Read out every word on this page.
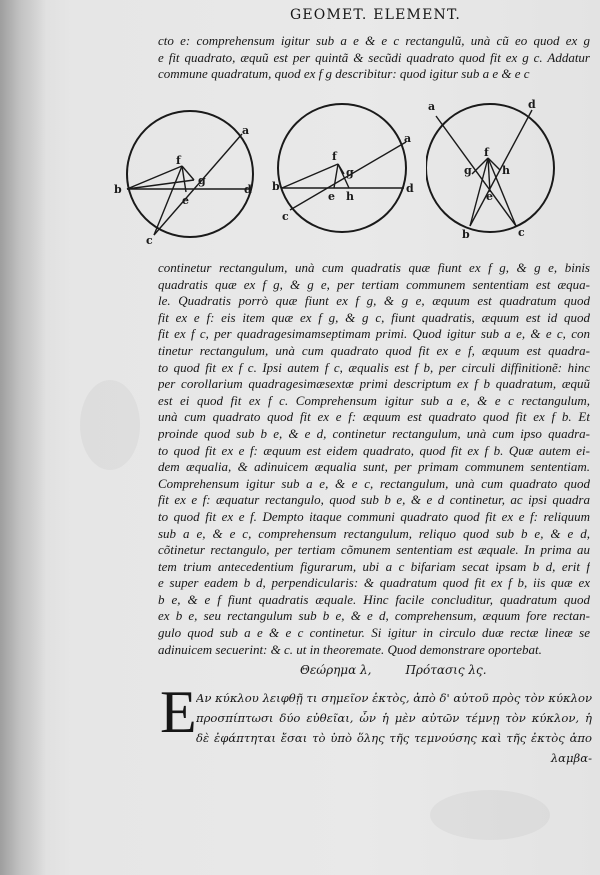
GEOMET. ELEMENT.
cto e: comprehensum igitur sub a e & e c rectangulũ, unà cũ eo quod ex g
e fit quadrato, æquũ est per quintã & secũdi quadrato quod fit ex g c. Addatur
commune quadratum, quod ex f g describitur: quod igitur sub a e & e c
a
f
g
b
e
d
c
a
f
g
b
c
e h
d
a	d
f
g	h
e
b	c
continetur rectangulum, unà cum quadratis quæ fiunt ex f g, & g e, binis
quadratis quæ ex f g, & g e, per tertiam communem sententiam est æqua-
le. Quadratis porrò quæ fiunt ex f g, & g e, æquum est quadratum quod
fit ex e f: eis item quæ ex f g, & g c, fiunt quadratis, æquum est id quod
fit ex f c, per quadragesimamseptimam primi. Quod igitur sub a e, & e c, con
tinetur rectangulum, unà cum quadrato quod fit ex e f, æquum est quadra-
to quod fit ex f c. Ipsi autem f c, æqualis est f b, per circuli diffinitionẽ: hinc
per corollarium quadragesimæsextæ primi descriptum ex f b quadratum, æquũ
est ei quod fit ex f c. Comprehensum igitur sub a e, & e c rectangulum,
unà cum quadrato quod fit ex e f: æquum est quadrato quod fit ex f b. Et
proinde quod sub b e, & e d, continetur rectangulum, unà cum ipso quadra-
to quod fit ex e f: æquum est eidem quadrato, quod fit ex f b. Quæ autem ei-
dem æqualia, & adinuicem æqualia sunt, per primam communem sententiam.
Comprehensum igitur sub a e, & e c, rectangulum, unà cum quadrato quod
fit ex e f: æquatur rectangulo, quod sub b e, & e d continetur, ac ipsi quadra
to quod fit ex e f. Dempto itaque communi quadrato quod fit ex e f: reliquum
sub a e, & e c, comprehensum rectangulum, reliquo quod sub b e, & e d,
cõtinetur rectangulo, per tertiam cõmunem sententiam est æquale. In prima au
tem trium antecedentium figurarum, ubi a c bifariam secat ipsam b d, erit f
e super eadem b d, perpendicularis: & quadratum quod fit ex f b, iis quæ ex
b e, & e f fiunt quadratis æquale. Hinc facile concluditur, quadratum quod
ex b e, seu rectangulum sub b e, & e d, comprehensum, æquum fore rectan-
gulo quod sub a e & e c continetur. Si igitur in circulo duæ rectæ lineæ se
adinuicem secuerint: & c. ut in theoremate. Quod demonstrare oportebat.
Θεώρημα λ,	Πρότασις λς.
E Αν κύκλου λειφθῇ τι σημεῖον ἐκτὸς, ἀπὸ δ' αὐτοῦ πρὸς τὸν κύκλον
προσπίπτωσι δύο εὐθεῖαι, ὧν ἡ μὲν αὐτῶν τέμνῃ τὸν κύκλον, ἡ
δὲ ἐφάπτηται ἔσαι τὸ ὑπὸ ὅλης τῆς τεμνούσης καὶ τῆς ἐκτὸς ἀπο
λαμβα-
